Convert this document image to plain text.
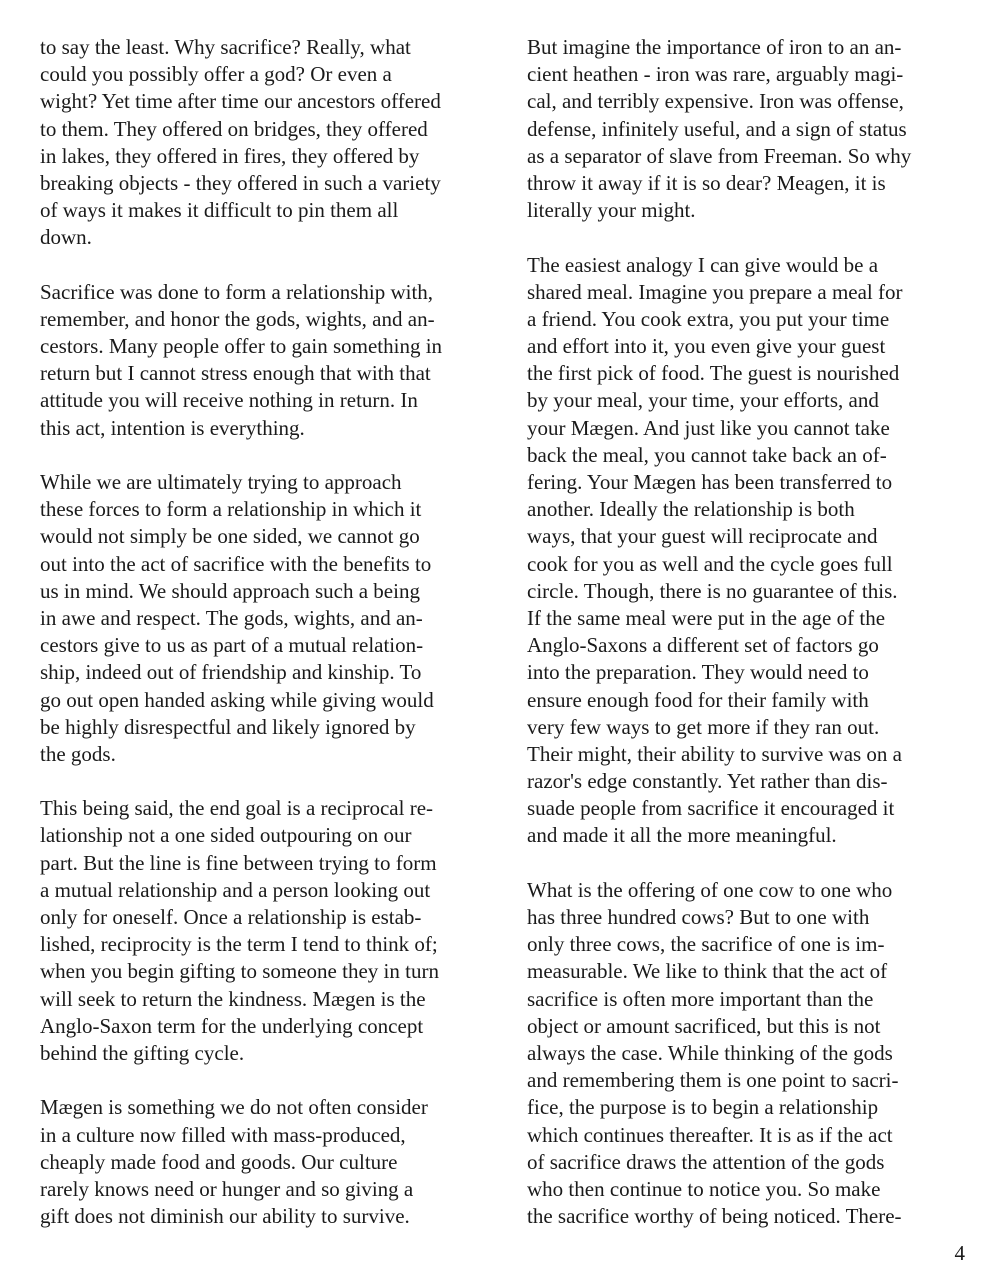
to say the least. Why sacrifice? Really, what
could you possibly offer a god? Or even a
wight? Yet time after time our ancestors offered
to them. They offered on bridges, they offered
in lakes, they offered in fires, they offered by
breaking objects - they offered in such a variety
of ways it makes it difficult to pin them all
down.
Sacrifice was done to form a relationship with,
remember, and honor the gods, wights, and an-
cestors. Many people offer to gain something in
return but I cannot stress enough that with that
attitude you will receive nothing in return. In
this act, intention is everything.
While we are ultimately trying to approach
these forces to form a relationship in which it
would not simply be one sided, we cannot go
out into the act of sacrifice with the benefits to
us in mind. We should approach such a being
in awe and respect. The gods, wights, and an-
cestors give to us as part of a mutual relation-
ship, indeed out of friendship and kinship. To
go out open handed asking while giving would
be highly disrespectful and likely ignored by
the gods.
This being said, the end goal is a reciprocal re-
lationship not a one sided outpouring on our
part. But the line is fine between trying to form
a mutual relationship and a person looking out
only for oneself. Once a relationship is estab-
lished, reciprocity is the term I tend to think of;
when you begin gifting to someone they in turn
will seek to return the kindness. Mægen is the
Anglo-Saxon term for the underlying concept
behind the gifting cycle.
Mægen is something we do not often consider
in a culture now filled with mass-produced,
cheaply made food and goods. Our culture
rarely knows need or hunger and so giving a
gift does not diminish our ability to survive.
But imagine the importance of iron to an an-
cient heathen - iron was rare, arguably magi-
cal, and terribly expensive. Iron was offense,
defense, infinitely useful, and a sign of status
as a separator of slave from Freeman. So why
throw it away if it is so dear? Meagen, it is
literally your might.
The easiest analogy I can give would be a
shared meal. Imagine you prepare a meal for
a friend. You cook extra, you put your time
and effort into it, you even give your guest
the first pick of food. The guest is nourished
by your meal, your time, your efforts, and
your Mægen. And just like you cannot take
back the meal, you cannot take back an of-
fering. Your Mægen has been transferred to
another. Ideally the relationship is both
ways, that your guest will reciprocate and
cook for you as well and the cycle goes full
circle. Though, there is no guarantee of this.
If the same meal were put in the age of the
Anglo-Saxons a different set of factors go
into the preparation. They would need to
ensure enough food for their family with
very few ways to get more if they ran out.
Their might, their ability to survive was on a
razor's edge constantly. Yet rather than dis-
suade people from sacrifice it encouraged it
and made it all the more meaningful.
What is the offering of one cow to one who
has three hundred cows? But to one with
only three cows, the sacrifice of one is im-
measurable. We like to think that the act of
sacrifice is often more important than the
object or amount sacrificed, but this is not
always the case. While thinking of the gods
and remembering them is one point to sacri-
fice, the purpose is to begin a relationship
which continues thereafter. It is as if the act
of sacrifice draws the attention of the gods
who then continue to notice you. So make
the sacrifice worthy of being noticed. There-
4
